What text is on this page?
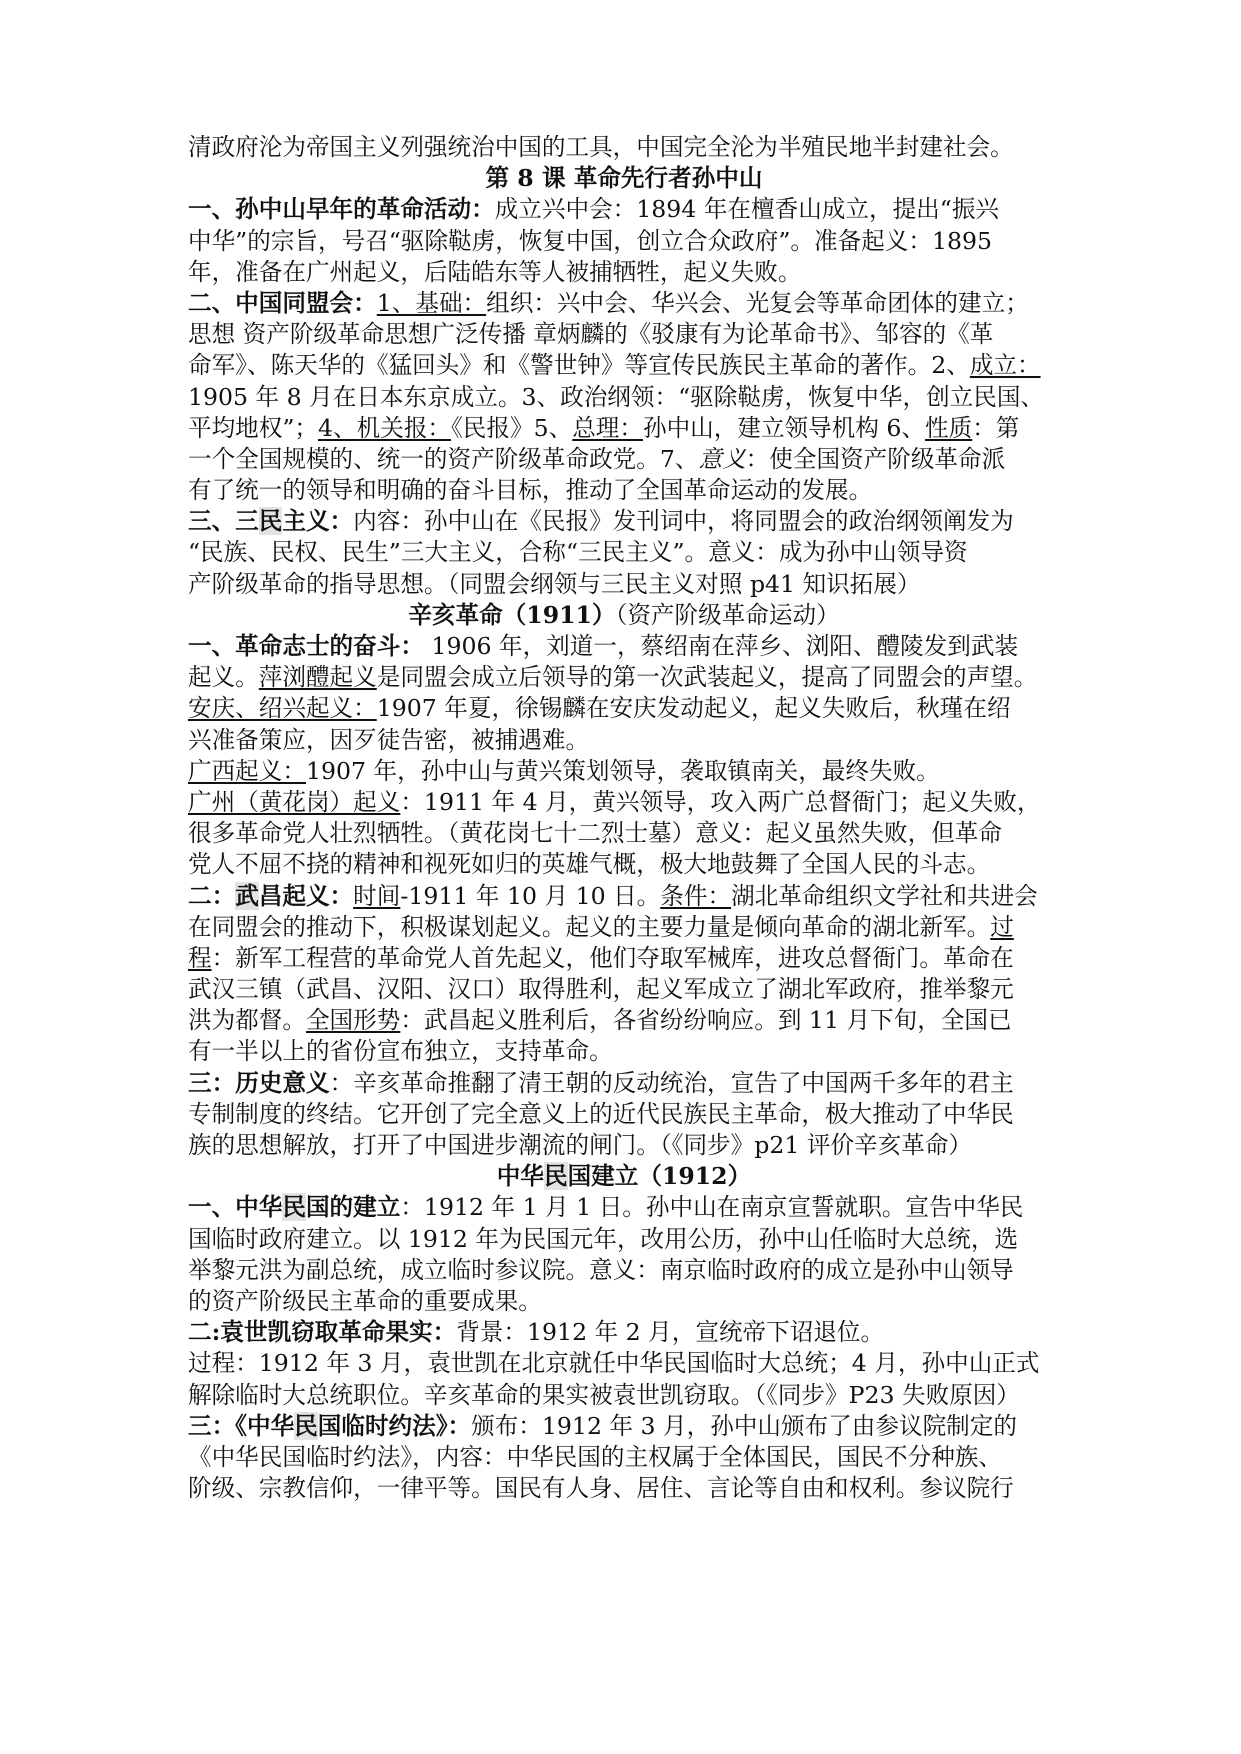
清政府沦为帝国主义列强统治中国的工具，中国完全沦为半殖民地半封建社会。
第 8 课 革命先行者孙中山
一、孙中山早年的革命活动：成立兴中会：1894 年在檀香山成立，提出“振兴
中华”的宗旨，号召“驱除鞑虏，恢复中国，创立合众政府”。准备起义：1895
年，准备在广州起义，后陆皓东等人被捕牺牲，起义失败。
二、中国同盟会：1、基础：组织：兴中会、华兴会、光复会等革命团体的建立；
思想 资产阶级革命思想广泛传播 章炳麟的《驳康有为论革命书》、邹容的《革
命军》、陈天华的《猛回头》和《警世钟》等宣传民族民主革命的著作。2、成立：
1905 年 8 月在日本东京成立。3、政治纲领：“驱除鞑虏，恢复中华，创立民国、
平均地权”；4、机关报：《民报》5、总理：孙中山，建立领导机构 6、性质：第
一个全国规模的、统一的资产阶级革命政党。7、意义：使全国资产阶级革命派
有了统一的领导和明确的奋斗目标，推动了全国革命运动的发展。
三、三民主义：内容：孙中山在《民报》发刊词中，将同盟会的政治纲领阐发为
“民族、民权、民生”三大主义，合称“三民主义”。意义：成为孙中山领导资
产阶级革命的指导思想。（同盟会纲领与三民主义对照 p41 知识拓展）
辛亥革命（1911）（资产阶级革命运动）
一、革命志士的奋斗： 1906 年，刘道一，蔡绍南在萍乡、浏阳、醴陵发到武装
起义。萍浏醴起义是同盟会成立后领导的第一次武装起义，提高了同盟会的声望。
安庆、绍兴起义：1907 年夏，徐锡麟在安庆发动起义，起义失败后，秋瑾在绍
兴准备策应，因歹徒告密，被捕遇难。
广西起义：1907 年，孙中山与黄兴策划领导，袭取镇南关，最终失败。
广州（黄花岗）起义：1911 年 4 月，黄兴领导，攻入两广总督衙门；起义失败，
很多革命党人壮烈牺牲。（黄花岗七十二烈士墓）意义：起义虽然失败，但革命
党人不屈不挠的精神和视死如归的英雄气概，极大地鼓舞了全国人民的斗志。
二：武昌起义：时间-1911 年 10 月 10 日。条件：湖北革命组织文学社和共进会
在同盟会的推动下，积极谋划起义。起义的主要力量是倾向革命的湖北新军。过
程：新军工程营的革命党人首先起义，他们夺取军械库，进攻总督衙门。革命在
武汉三镇（武昌、汉阳、汉口）取得胜利，起义军成立了湖北军政府，推举黎元
洪为都督。全国形势：武昌起义胜利后，各省纷纷响应。到 11 月下旬，全国已
有一半以上的省份宣布独立，支持革命。
三：历史意义：辛亥革命推翻了清王朝的反动统治，宣告了中国两千多年的君主
专制制度的终结。它开创了完全意义上的近代民族民主革命，极大推动了中华民
族的思想解放，打开了中国进步潮流的闸门。（《同步》p21 评价辛亥革命）
中华民国建立（1912）
一、中华民国的建立：1912 年 1 月 1 日。孙中山在南京宣誓就职。宣告中华民
国临时政府建立。以 1912 年为民国元年，改用公历，孙中山任临时大总统，选
举黎元洪为副总统，成立临时参议院。意义：南京临时政府的成立是孙中山领导
的资产阶级民主革命的重要成果。
二:袁世凯窃取革命果实：背景：1912 年 2 月，宣统帝下诏退位。
过程：1912 年 3 月，袁世凯在北京就任中华民国临时大总统；4 月，孙中山正式
解除临时大总统职位。辛亥革命的果实被袁世凯窃取。（《同步》P23 失败原因）
三：《中华民国临时约法》：颁布：1912 年 3 月，孙中山颁布了由参议院制定的
《中华民国临时约法》，内容：中华民国的主权属于全体国民，国民不分种族、
阶级、宗教信仰，一律平等。国民有人身、居住、言论等自由和权利。参议院行
